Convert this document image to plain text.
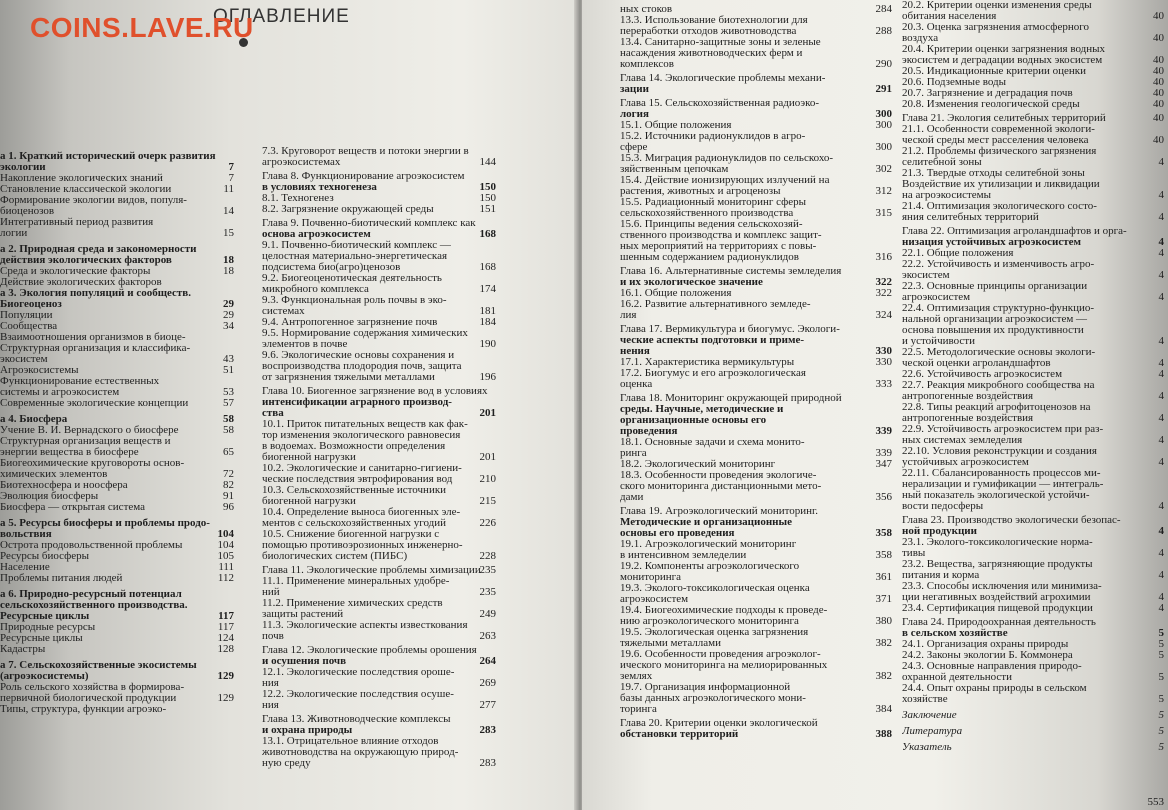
ОГЛАВЛЕНИЕ
а 1. Краткий исторический очерк развития
экологии	7
Накопление экологических знаний	7
Становление классической экологии	11
Формирование экологии видов, популя-
биоценозов	14
Интегративный период развития
логии	15
а 2. Природная среда и закономерности
действия экологических факторов	18
Среда и экологические факторы	18
Действие экологических факторов
а 3. Экология популяций и сообществ.
Биогеоценоз	29
Популяции	29
Сообщества	34
Взаимоотношения организмов в биоце-
Структурная организация и классифика-
экосистем	43
Агроэкосистемы	51
Функционирование естественных
системы и агроэкосистем	53
Современные экологические концепции	57
а 4. Биосфера	58
Учение В. И. Вернадского о биосфере	58
Структурная организация веществ и
энергии вещества в биосфере	65
Биогеохимические круговороты основ-
химических элементов	72
Биотехносфера и ноосфера	82
Эволюция биосферы	91
Биосфера — открытая система	96
а 5. Ресурсы биосферы и проблемы продо-
вольствия	104
Острота продовольственной проблемы	104
Ресурсы биосферы	105
Население	111
Проблемы питания людей	112
а 6. Природно-ресурсный потенциал
сельскохозяйственного производства.
Ресурсные циклы	117
Природные ресурсы	117
Ресурсные циклы	124
Кадастры	128
а 7. Сельскохозяйственные экосистемы
(агроэкосистемы)	129
Роль сельского хозяйства в формирова-
первичной биологической продукции	129
Типы, структура, функции агроэко-
7.3. Круговорот веществ и потоки энергии в
агроэкосистемах	144
Глава 8. Функционирование агроэкосистем
в условиях техногенеза	150
8.1. Техногенез	150
8.2. Загрязнение окружающей среды	151
Глава 9. Почвенно-биотический комплекс как
основа агроэкосистем	168
9.1. Почвенно-биотический комплекс —
целостная материально-энергетическая
подсистема био(агро)ценозов	168
9.2. Биогеоценотическая деятельность
микробного комплекса	174
9.3. Функциональная роль почвы в эко-
системах	181
9.4. Антропогенное загрязнение почв	184
9.5. Нормирование содержания химических
элементов в почве	190
9.6. Экологические основы сохранения и
воспроизводства плодородия почв, защита
от загрязнения тяжелыми металлами	196
Глава 10. Биогенное загрязнение вод в условиях
интенсификации аграрного производ-
ства	201
10.1. Приток питательных веществ как фак-
тор изменения экологического равновесия
в водоемах. Возможности определения
биогенной нагрузки	201
10.2. Экологические и санитарно-гигиени-
ческие последствия эвтрофирования вод 210
10.3. Сельскохозяйственные источники
биогенной нагрузки	215
10.4. Определение выноса биогенных эле-
ментов с сельскохозяйственных угодий	226
10.5. Снижение биогенной нагрузки с
помощью противоэрозионных инженерно-
биологических систем (ПИБС)	228
Глава 11. Экологические проблемы химизации
235
11.1. Применение минеральных удобре-
ний	235
11.2. Применение химических средств
защиты растений	249
11.3. Экологические аспекты известкования
почв	263
Глава 12. Экологические проблемы орошения
и осушения почв	264
12.1. Экологические последствия ороше-
ния	269
12.2. Экологические последствия осуше-
ния	277
Глава 13. Животноводческие комплексы
и охрана природы	283
13.1. Отрицательное влияние отходов
животноводства на окружающую природ-
ную среду	283
ных стоков	284
13.3. Использование биотехнологии для
переработки отходов животноводства	288
13.4. Санитарно-защитные зоны и зеленые
насаждения животноводческих ферм и
комплексов	290
Глава 14. Экологические проблемы механи-
зации	291
Глава 15. Сельскохозяйственная радиоэко-
логия	300
15.1. Общие положения	300
15.2. Источники радионуклидов в агро-
сфере	300
15.3. Миграция радионуклидов по сельскохо-
зяйственным цепочкам	302
15.4. Действие ионизирующих излучений на
растения, животных и агроценозы	312
15.5. Радиационный мониторинг сферы
сельскохозяйственного производства	315
15.6. Принципы ведения сельскохозяй-
ственного производства и комплекс защит-
ных мероприятий на территориях с повы-
шенным содержанием радионуклидов	316
Глава 16. Альтернативные системы земледелия
и их экологическое значение	322
16.1. Общие положения	322
16.2. Развитие альтернативного земледе-
лия	324
Глава 17. Вермикультура и биогумус. Экологи-
ческие аспекты подготовки и приме-
нения	330
17.1. Характеристика вермикультуры	330
17.2. Биогумус и его агроэкологическая
оценка	333
Глава 18. Мониторинг окружающей природной
среды. Научные, методические и
организационные основы его
проведения	339
18.1. Основные задачи и схема монито-
ринга	339
18.2. Экологический мониторинг	347
18.3. Особенности проведения экологиче-
ского мониторинга дистанционными мето-
дами	356
Глава 19. Агроэкологический мониторинг.
Методические и организационные
основы его проведения	358
19.1. Агроэкологический мониторинг
в интенсивном земледелии	358
19.2. Компоненты агроэкологического
мониторинга	361
19.3. Эколого-токсикологическая оценка
агроэкосистем	371
19.4. Биогеохимические подходы к проведе-
нию агроэкологического мониторинга	380
19.5. Экологическая оценка загрязнения
тяжелыми металлами	382
19.6. Особенности проведения агроэколог-
ического мониторинга на мелиорированных
землях	382
19.7. Организация информационной
базы данных агроэкологического мони-
торинга	384
Глава 20. Критерии оценки экологической
обстановки территорий	388
20.2. Критерии оценки изменения среды
обитания населения	40
20.3. Оценка загрязнения атмосферного
воздуха	40
20.4. Критерии оценки загрязнения водных
экосистем и деградации водных экосистем	40
20.5. Индикационные критерии оценки	40
20.6. Подземные воды	40
20.7. Загрязнение и деградация почв	40
20.8. Изменения геологической среды	40
Глава 21. Экология селитебных территорий	40
21.1. Особенности современной экологи-
ческой среды мест расселения человека	40
21.2. Проблемы физического загрязнения
селитебной зоны	4
21.3. Твердые отходы селитебной зоны
Воздействие их утилизации и ликвидации
на агроэкосистемы	4
21.4. Оптимизация экологического состо-
яния селитебных территорий	4
Глава 22. Оптимизация агроландшафтов и орга-
низация устойчивых агроэкосистем	4
22.1. Общие положения	4
22.2. Устойчивость и изменчивость агро-
экосистем	4
22.3. Основные принципы организации
агроэкосистем	4
22.4. Оптимизация структурно-функцио-
нальной организации агроэкосистем —
основа повышения их продуктивности
и устойчивости	4
22.5. Методологические основы экологи-
ческой оценки агроландшафтов	4
22.6. Устойчивость агроэкосистем	4
22.7. Реакция микробного сообщества на
антропогенные воздействия	4
22.8. Типы реакций агрофитоценозов на
антропогенные воздействия	4
22.9. Устойчивость агроэкосистем при раз-
ных системах земледелия	4
22.10. Условия реконструкции и создания
устойчивых агроэкосистем	4
22.11. Сбалансированность процессов ми-
нерализации и гумификации — интеграль-
ный показатель экологической устойчи-
вости педосферы	4
Глава 23. Производство экологически безопас-
ной продукции	4
23.1. Эколого-токсикологические норма-
тивы	4
23.2. Вещества, загрязняющие продукты
питания и корма	4
23.3. Способы исключения или минимиза-
ции негативных воздействий агрохимии	4
23.4. Сертификация пищевой продукции	4
Глава 24. Природоохранная деятельность
в сельском хозяйстве	5
24.1. Организация охраны природы	5
24.2. Законы экологии Б. Коммонера	5
24.3. Основные направления природо-
охранной деятельности	5
24.4. Опыт охраны природы в сельском
хозяйстве	5
Заключение	5
Литература	5
Указатель	5
553
COINS.LAVE.RU
